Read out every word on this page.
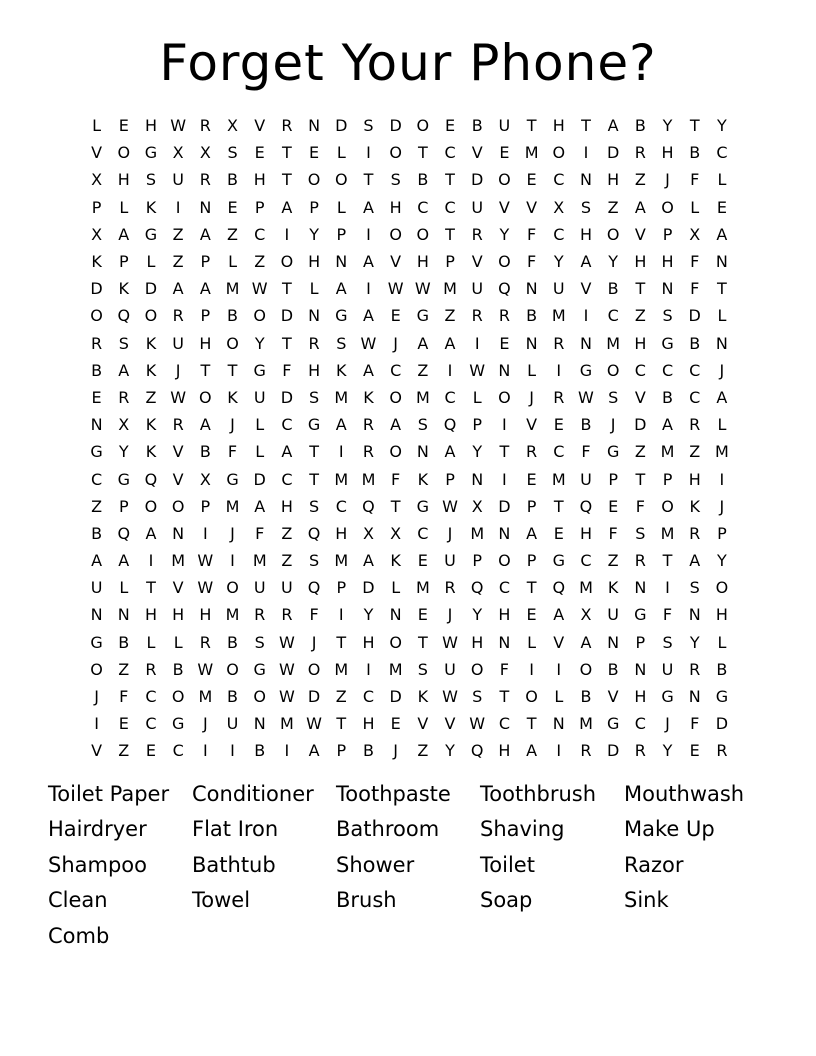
Forget Your Phone?
L	E	H W R	X	V	R N D S D O E	B U	T	H	T	A	B	Y	T	Y
V O G X	X	S	E	T	E	L	I	O	T	C	V	E M O	I	D R H B	C
X H	S	U R	B H	T	O O	T	S	B	T	D O E	C N H Z	J	F	L
P	L	K	I	N	E	P	A	P	L	A H C	C U V	V	X	S	Z	A O	L	E
X	A G Z	A	Z	C	I	Y	P	I	O O	T	R	Y	F	C H O V	P	X	A
K	P	L	Z	P	L	Z O H N A	V H	P	V O	F	Y	A	Y	H H	F	N
D K D A	A M W T	L	A	I	W W M U Q N U V	B	T	N	F	T
O Q O R	P	B O D N G A	E G Z	R	R	B M	I	C	Z	S D	L
R	S	K	U H O	Y	T	R	S W	J	A	A	I	E	N R N M H G B N
B	A	K	J	T	T	G	F	H K	A	C	Z	I	W N	L	I	G O C	C	C	J
E	R	Z W O K	U D S M K O M C	L	O	J	R W S	V	B	C	A
N X	K	R	A	J	L	C G A	R	A	S Q	P	I	V	E	B	J	D A	R	L
G	Y	K	V	B	F	L	A	T	I	R O N A	Y	T	R	C	F	G Z M Z M
C G Q V	X G D C	T M M F	K	P	N	I	E M U	P	T	P	H	I
Z	P	O O	P M A H	S	C Q	T	G W X D	P	T	Q E	F	O K	J
B Q A N	I	J	F	Z Q H X	X	C	J	M N A	E	H	F	S M R	P
A	A	I	M W	I	M Z	S M A	K	E	U	P	O	P	G C	Z	R	T	A	Y
U	L	T	V W O U U Q	P	D	L M R Q C	T	Q M K N	I	S O
N N H H H M R	R	F	I	Y	N	E	J	Y	H	E	A	X U G	F	N H
G B	L	L	R	B	S W	J	T	H O	T W H N	L	V	A N	P	S	Y	L
O Z	R	B W O G W O M	I	M S	U O	F	I	I	O B N U R	B
J	F	C O M B O W D Z	C D K W S	T	O	L	B	V H G N G
I	E	C G	J	U N M W T	H	E	V	V W C	T	N M G C	J	F	D
V	Z	E	C	I	I	B	I	A	P	B	J	Z	Y	Q H A	I	R D R	Y	E	R
Toilet Paper	Conditioner	Toothpaste	Toothbrush	Mouthwash
Hairdryer	Flat Iron	Bathroom	Shaving	Make Up
Shampoo	Bathtub	Shower	Toilet	Razor
Clean	Towel	Brush	Soap	Sink
Comb
